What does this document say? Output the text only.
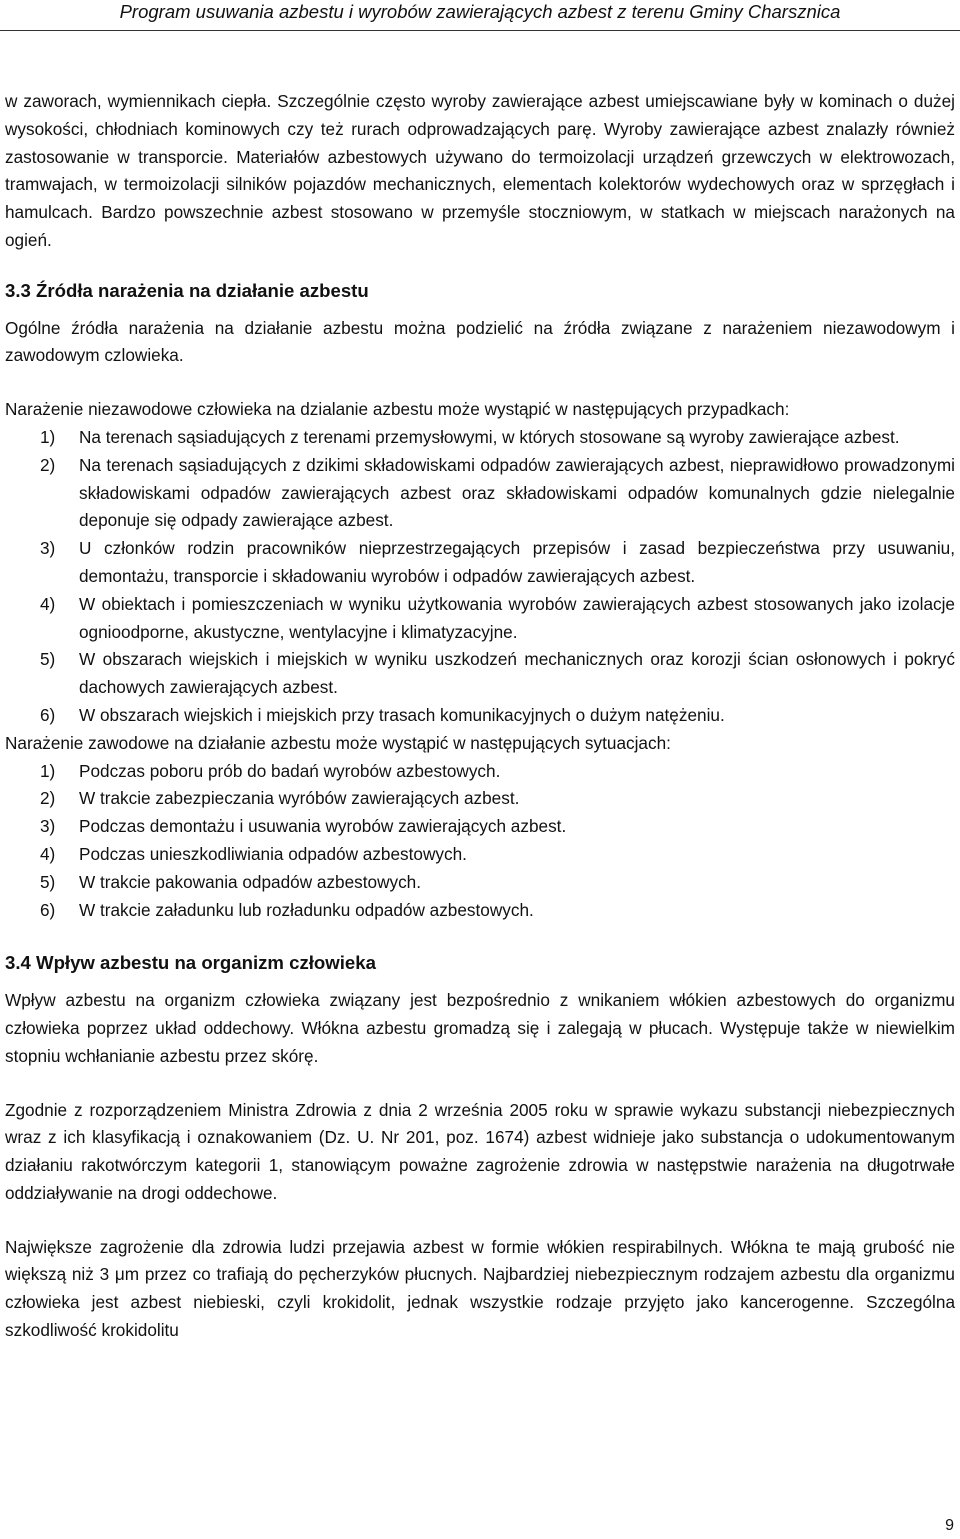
Program usuwania azbestu i wyrobów zawierających azbest z terenu Gminy Charsznica

w zaworach, wymiennikach ciepła. Szczególnie często wyroby zawierające azbest umiejscawiane były w kominach o dużej wysokości, chłodniach kominowych czy też rurach odprowadzających parę. Wyroby zawierające azbest znalazły również zastosowanie w transporcie. Materiałów azbestowych używano do termoizolacji urządzeń grzewczych w elektrowozach, tramwajach, w termoizolacji silników pojazdów mechanicznych, elementach kolektorów wydechowych oraz w sprzęgłach i hamulcach. Bardzo powszechnie azbest stosowano w przemyśle stoczniowym, w statkach w miejscach narażonych na ogień.

3.3 Źródła narażenia na działanie azbestu

Ogólne źródła narażenia na działanie azbestu można podzielić na źródła związane z narażeniem niezawodowym i zawodowym czlowieka.

Narażenie niezawodowe człowieka na dzialanie azbestu może wystąpić w następujących przypadkach:

1) Na terenach sąsiadujących z terenami przemysłowymi, w których stosowane są wyroby zawierające azbest.
2) Na terenach sąsiadujących z dzikimi składowiskami odpadów zawierających azbest, nieprawidłowo prowadzonymi składowiskami odpadów zawierających azbest oraz składowiskami odpadów komunalnych gdzie nielegalnie deponuje się odpady zawierające azbest.
3) U członków rodzin pracowników nieprzestrzegających przepisów i zasad bezpieczeństwa przy usuwaniu, demontażu, transporcie i składowaniu wyrobów i odpadów zawierających azbest.
4) W obiektach i pomieszczeniach w wyniku użytkowania wyrobów zawierających azbest stosowanych jako izolacje ognioodporne, akustyczne, wentylacyjne i klimatyzacyjne.
5) W obszarach wiejskich i miejskich w wyniku uszkodzeń mechanicznych oraz korozji ścian osłonowych i pokryć dachowych zawierających azbest.
6) W obszarach wiejskich i miejskich przy trasach komunikacyjnych o dużym natężeniu.

Narażenie zawodowe na działanie azbestu może wystąpić w następujących sytuacjach:

1) Podczas poboru prób do badań wyrobów azbestowych.
2) W trakcie zabezpieczania wyróbów zawierających azbest.
3) Podczas demontażu i usuwania wyrobów zawierających azbest.
4) Podczas unieszkodliwiania odpadów azbestowych.
5) W trakcie pakowania odpadów azbestowych.
6) W trakcie załadunku lub rozładunku odpadów azbestowych.
3.4 Wpływ azbestu na organizm człowieka

Wpływ azbestu na organizm człowieka związany jest bezpośrednio z wnikaniem włókien azbestowych do organizmu człowieka poprzez układ oddechowy. Włókna azbestu gromadzą się i zalegają w płucach. Występuje także w niewielkim stopniu wchłanianie azbestu przez skórę.

Zgodnie z rozporządzeniem Ministra Zdrowia z dnia 2 września 2005 roku w sprawie wykazu substancji niebezpiecznych wraz z ich klasyfikacją i oznakowaniem (Dz. U. Nr 201, poz. 1674) azbest widnieje jako substancja o udokumentowanym działaniu rakotwórczym kategorii 1, stanowiącym poważne zagrożenie zdrowia w następstwie narażenia na długotrwałe oddziaływanie na drogi oddechowe.

Największe zagrożenie dla zdrowia ludzi przejawia azbest w formie włókien respirabilnych. Włókna te mają grubość nie większą niż 3 μm przez co trafiają do pęcherzyków płucnych. Najbardziej niebezpiecznym rodzajem azbestu dla organizmu człowieka jest azbest niebieski, czyli krokidolit, jednak wszystkie rodzaje przyjęto jako kancerogenne. Szczególna szkodliwość krokidolitu

9
